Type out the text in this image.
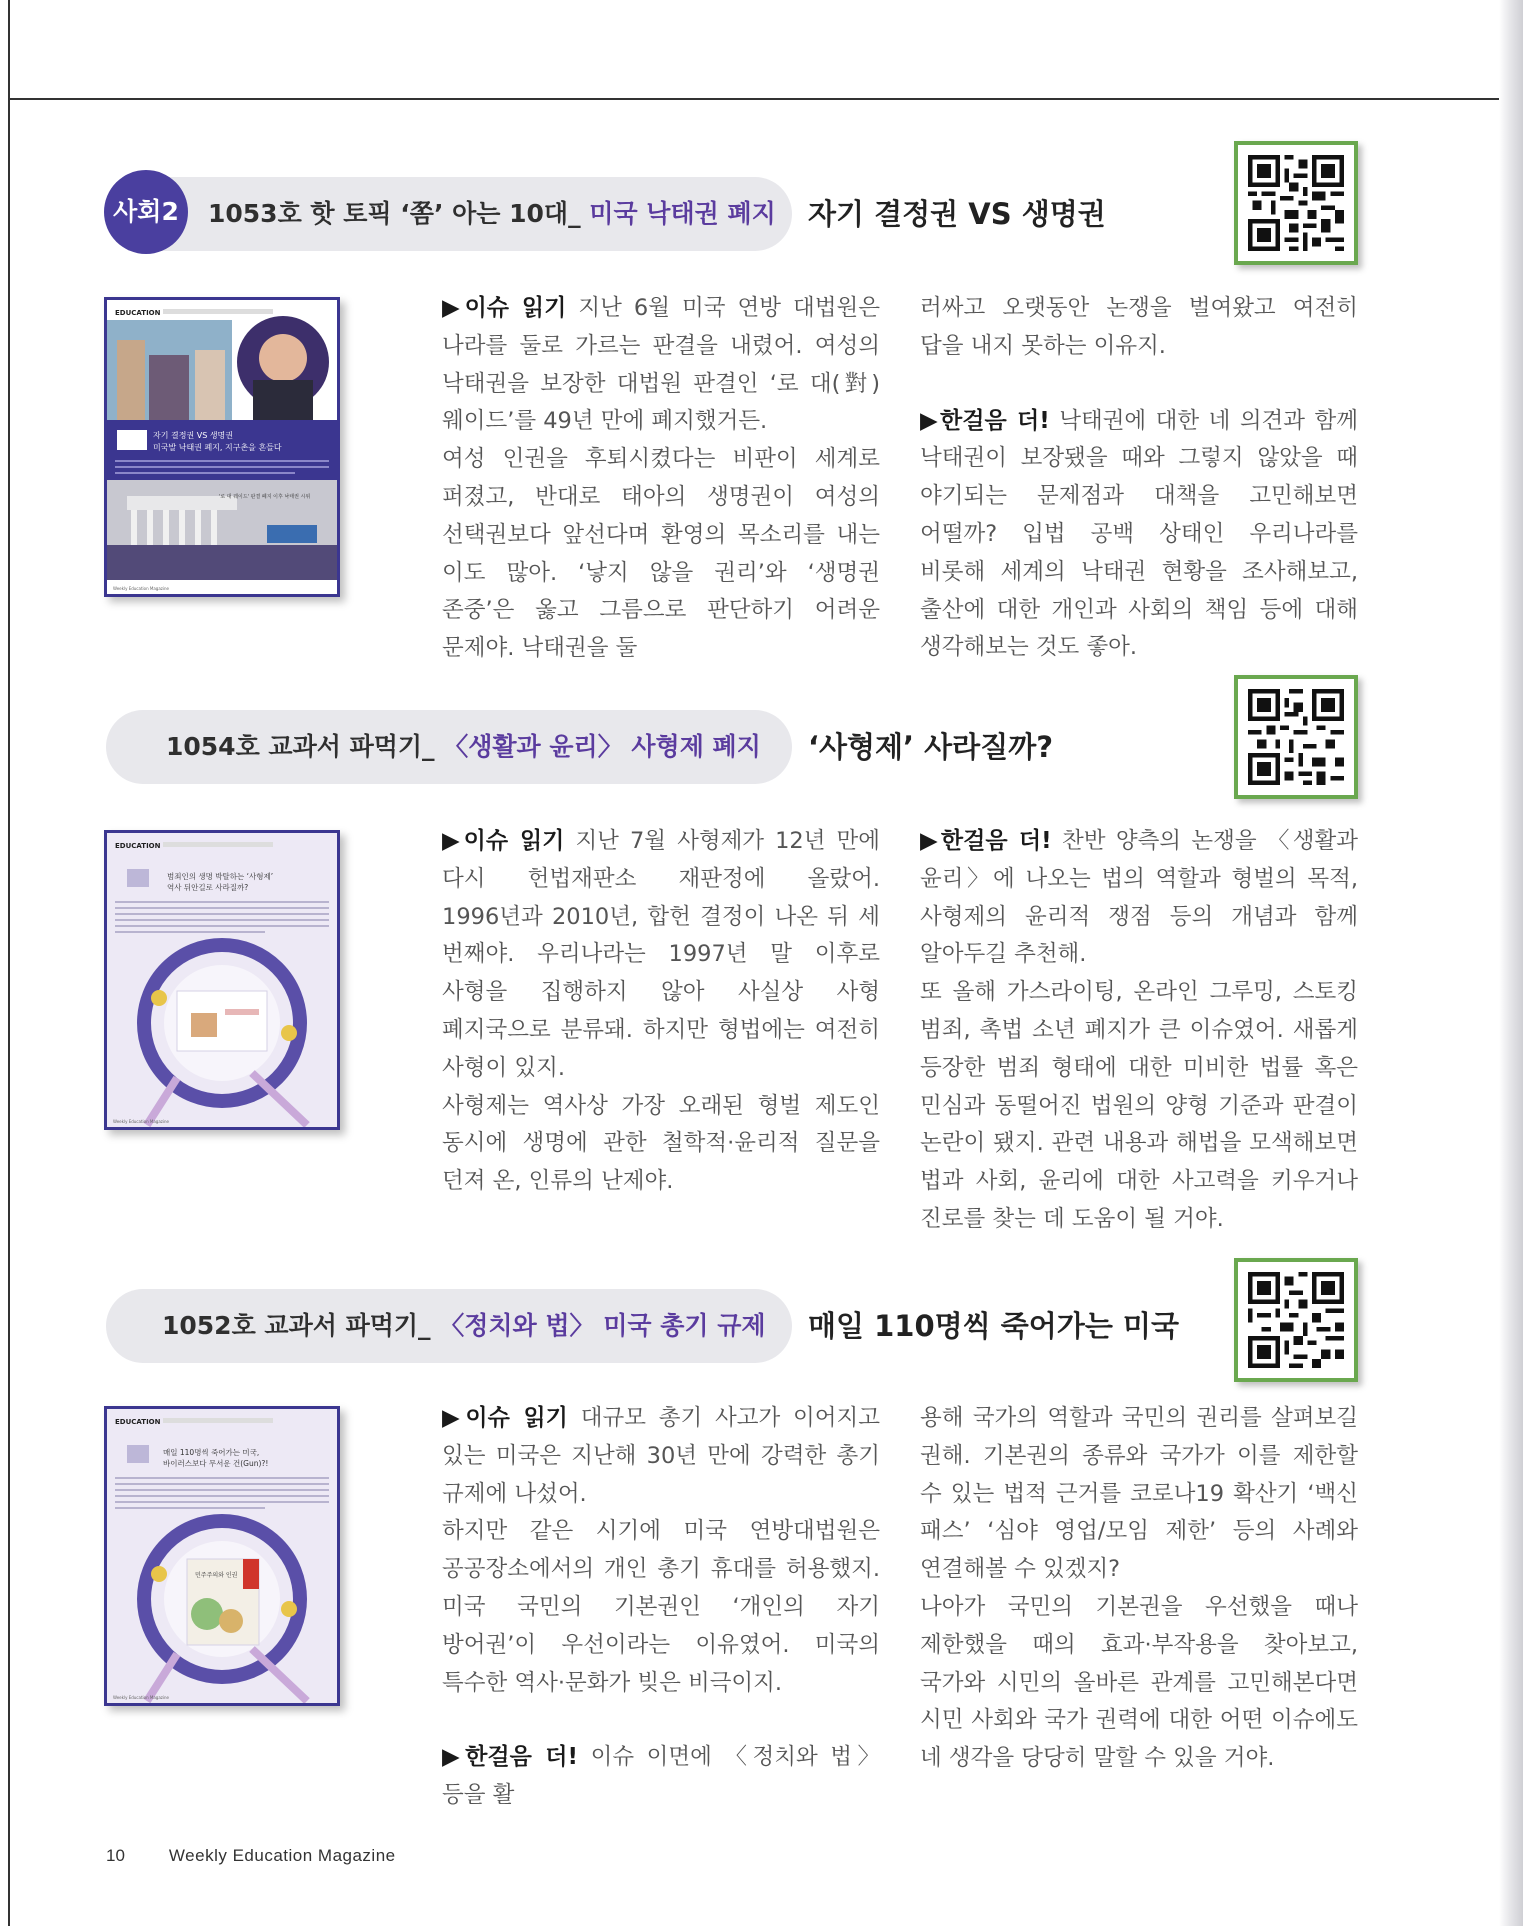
사회2	1053호 핫 토픽 ‘쫌’ 아는 10대_ 미국 낙태권 폐지 자기 결정권 VS 생명권
EDUCATION
자기 결정권 VS 생명권
미국발 낙태권 폐지, 지구촌을 흔들다
'로 대 웨이드' 판결 폐지 이후 낙태권 시위
Weekly Education Magazine

▶이슈 읽기 지난 6월 미국 연방 대법원은 나라를 둘로 가르는 판결을 내렸어. 여성의 낙태권을 보장한 대법원 판결인 ‘로 대(對) 웨이드’를 49년 만에 폐지했거든.

여성 인권을 후퇴시켰다는 비판이 세계로 퍼졌고, 반대로 태아의 생명권이 여성의 선택권보다 앞선다며 환영의 목소리를 내는 이도 많아. ‘낳지 않을 권리’와 ‘생명권 존중’은 옳고 그름으로 판단하기 어려운 문제야. 낙태권을 둘

러싸고 오랫동안 논쟁을 벌여왔고 여전히 답을 내지 못하는 이유지.

▶한걸음 더! 낙태권에 대한 네 의견과 함께 낙태권이 보장됐을 때와 그렇지 않았을 때 야기되는 문제점과 대책을 고민해보면 어떨까? 입법 공백 상태인 우리나라를 비롯해 세계의 낙태권 현황을 조사해보고, 출산에 대한 개인과 사회의 책임 등에 대해 생각해보는 것도 좋아.

1054호 교과서 파먹기_ 〈생활과 윤리〉 사형제 폐지 ‘사형제’ 사라질까?
EDUCATION
범죄인의 생명 박탈하는 ‘사형제’
역사 뒤안길로 사라질까?
Weekly Education Magazine

▶이슈 읽기 지난 7월 사형제가 12년 만에 다시 헌법재판소 재판정에 올랐어. 1996년과 2010년, 합헌 결정이 나온 뒤 세 번째야. 우리나라는 1997년 말 이후로 사형을 집행하지 않아 사실상 사형 폐지국으로 분류돼. 하지만 형법에는 여전히 사형이 있지.

사형제는 역사상 가장 오래된 형벌 제도인 동시에 생명에 관한 철학적·윤리적 질문을 던져 온, 인류의 난제야.

▶한걸음 더! 찬반 양측의 논쟁을 〈생활과 윤리〉에 나오는 법의 역할과 형벌의 목적, 사형제의 윤리적 쟁점 등의 개념과 함께 알아두길 추천해.

또 올해 가스라이팅, 온라인 그루밍, 스토킹 범죄, 촉법 소년 폐지가 큰 이슈였어. 새롭게 등장한 범죄 형태에 대한 미비한 법률 혹은 민심과 동떨어진 법원의 양형 기준과 판결이 논란이 됐지. 관련 내용과 해법을 모색해보면 법과 사회, 윤리에 대한 사고력을 키우거나 진로를 찾는 데 도움이 될 거야.

1052호 교과서 파먹기_ 〈정치와 법〉 미국 총기 규제 매일 110명씩 죽어가는 미국
EDUCATION
매일 110명씩 죽어가는 미국,
바이러스보다 무서운 건(Gun)?!
민주주의와 인권
Weekly Education Magazine

▶이슈 읽기 대규모 총기 사고가 이어지고 있는 미국은 지난해 30년 만에 강력한 총기 규제에 나섰어.

하지만 같은 시기에 미국 연방대법원은 공공장소에서의 개인 총기 휴대를 허용했지. 미국 국민의 기본권인 ‘개인의 자기 방어권’이 우선이라는 이유였어. 미국의 특수한 역사·문화가 빚은 비극이지.

▶한걸음 더! 이슈 이면에 〈정치와 법〉 등을 활

용해 국가의 역할과 국민의 권리를 살펴보길 권해. 기본권의 종류와 국가가 이를 제한할 수 있는 법적 근거를 코로나19 확산기 ‘백신 패스’ ‘심야 영업/모임 제한’ 등의 사례와 연결해볼 수 있겠지?

나아가 국민의 기본권을 우선했을 때나 제한했을 때의 효과·부작용을 찾아보고, 국가와 시민의 올바른 관계를 고민해본다면 시민 사회와 국가 권력에 대한 어떤 이슈에도 네 생각을 당당히 말할 수 있을 거야.

10	Weekly Education Magazine
